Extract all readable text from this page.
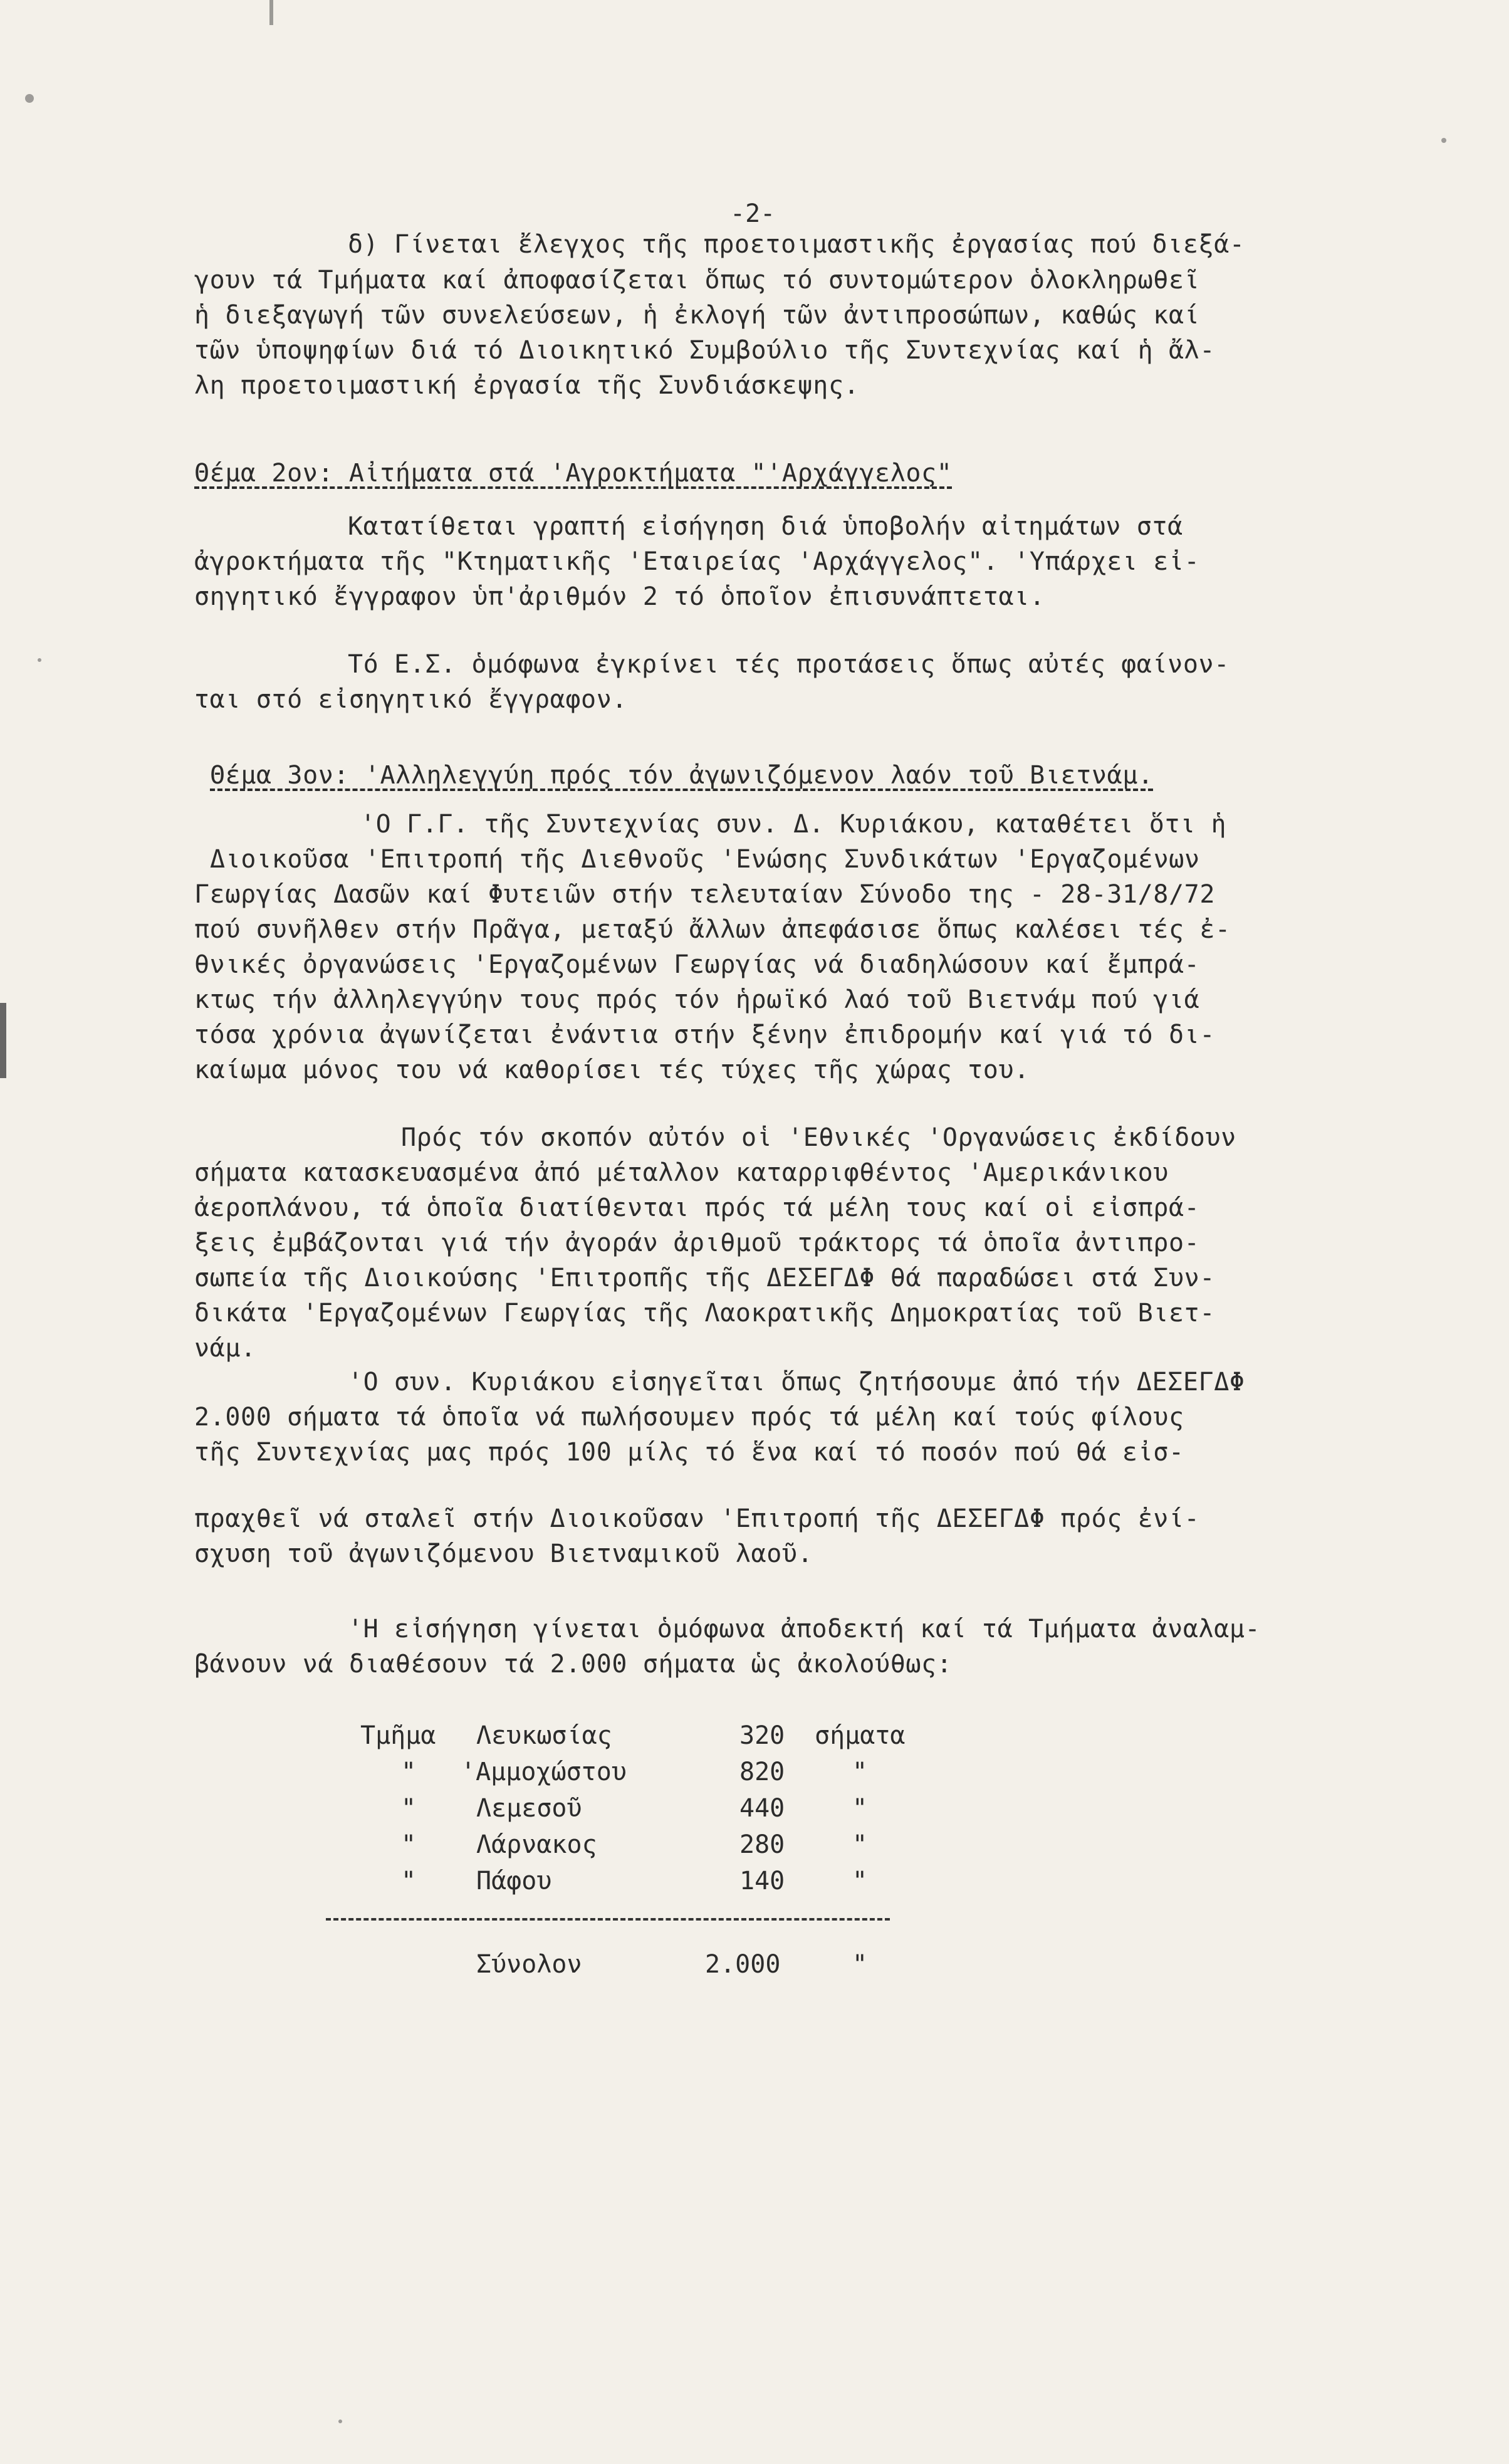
-2-
δ) Γίνεται ἔλεγχος τῆς προετοιμαστικῆς ἐργασίας πού διεξά-
γουν τά Τμήματα καί ἀποφασίζεται ὅπως τό συντομώτερον ὁλοκληρωθεῖ
ἡ διεξαγωγή τῶν συνελεύσεων, ἡ ἐκλογή τῶν ἀντιπροσώπων, καθώς καί
τῶν ὑποψηφίων διά τό Διοικητικό Συμβούλιο τῆς Συντεχνίας καί ἡ ἄλ-
λη προετοιμαστική ἐργασία τῆς Συνδιάσκεψης.
Θέμα 2ον: Αἰτήματα στά 'Αγροκτήματα "'Αρχάγγελος"
Κατατίθεται γραπτή εἰσήγηση διά ὑποβολήν αἰτημάτων στά
ἀγροκτήματα τῆς "Κτηματικῆς 'Εταιρείας 'Αρχάγγελος". 'Υπάρχει εἰ-
σηγητικό ἔγγραφον ὑπ'ἀριθμόν 2 τό ὁποῖον ἐπισυνάπτεται.
Τό Ε.Σ. ὁμόφωνα ἐγκρίνει τές προτάσεις ὅπως αὐτές φαίνον-
ται στό εἰσηγητικό ἔγγραφον.
Θέμα 3ον: 'Αλληλεγγύη πρός τόν ἀγωνιζόμενον λαόν τοῦ Βιετνάμ.
'Ο Γ.Γ. τῆς Συντεχνίας συν. Δ. Κυριάκου, καταθέτει ὅτι ἡ
Διοικοῦσα 'Επιτροπή τῆς Διεθνοῦς 'Ενώσης Συνδικάτων 'Εργαζομένων
Γεωργίας Δασῶν καί Φυτειῶν στήν τελευταίαν Σύνοδο της - 28-31/8/72
πού συνῆλθεν στήν Πρᾶγα, μεταξύ ἄλλων ἀπεφάσισε ὅπως καλέσει τές ἐ-
θνικές ὀργανώσεις 'Εργαζομένων Γεωργίας νά διαδηλώσουν καί ἔμπρά-
κτως τήν ἀλληλεγγύην τους πρός τόν ἡρωϊκό λαό τοῦ Βιετνάμ πού γιά
τόσα χρόνια ἀγωνίζεται ἐνάντια στήν ξένην ἐπιδρομήν καί γιά τό δι-
καίωμα μόνος του νά καθορίσει τές τύχες τῆς χώρας του.
Πρός τόν σκοπόν αὐτόν οἱ 'Εθνικές 'Οργανώσεις ἐκδίδουν
σήματα κατασκευασμένα ἀπό μέταλλον καταρριφθέντος 'Αμερικάνικου
ἀεροπλάνου, τά ὁποῖα διατίθενται πρός τά μέλη τους καί οἱ εἰσπρά-
ξεις ἐμβάζονται γιά τήν ἀγοράν ἀριθμοῦ τράκτορς τά ὁποῖα ἀντιπρο-
σωπεία τῆς Διοικούσης 'Επιτροπῆς τῆς ΔΕΣΕΓΔΦ θά παραδώσει στά Συν-
δικάτα 'Εργαζομένων Γεωργίας τῆς Λαοκρατικῆς Δημοκρατίας τοῦ Βιετ-
νάμ.
'Ο συν. Κυριάκου εἰσηγεῖται ὅπως ζητήσουμε ἀπό τήν ΔΕΣΕΓΔΦ
2.000 σήματα τά ὁποῖα νά πωλήσουμεν πρός τά μέλη καί τούς φίλους
τῆς Συντεχνίας μας πρός 100 μίλς τό ἕνα καί τό ποσόν πού θά εἰσ-
πραχθεῖ νά σταλεῖ στήν Διοικοῦσαν 'Επιτροπή τῆς ΔΕΣΕΓΔΦ πρός ἐνί-
σχυση τοῦ ἀγωνιζόμενου Βιετναμικοῦ λαοῦ.
'Η εἰσήγηση γίνεται ὁμόφωνα ἀποδεκτή καί τά Τμήματα ἀναλαμ-
βάνουν νά διαθέσουν τά 2.000 σήματα ὡς ἀκολούθως:
Τμῆμα Λευκωσίας	320 σήματα
" 'Αμμοχώστου	820	"
" Λεμεσοῦ	440	"
" Λάρνακος	280	"
" Πάφου	140	"
Σύνολον	2.000	"
